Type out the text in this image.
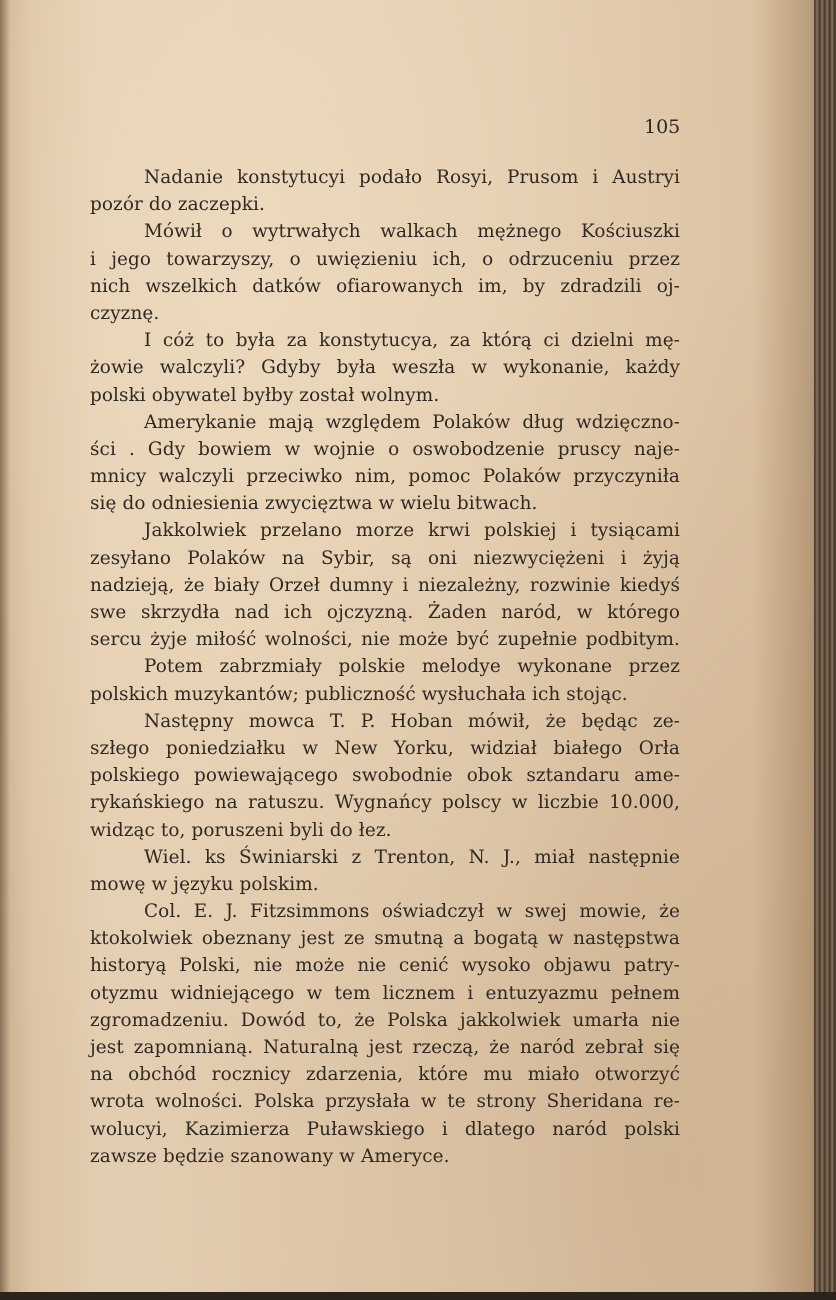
105
Nadanie konstytucyi podało Rosyi, Prusom i Austryi
pozór do zaczepki.
Mówił o wytrwałych walkach mężnego Kościuszki
i jego towarzyszy, o uwięzieniu ich, o odrzuceniu przez
nich wszelkich datków ofiarowanych im, by zdradzili oj-
czyznę.
I cóż to była za konstytucya, za którą ci dzielni mę-
żowie walczyli? Gdyby była weszła w wykonanie, każdy
polski obywatel byłby został wolnym.
Amerykanie mają względem Polaków dług wdzięczno-
ści . Gdy bowiem w wojnie o oswobodzenie pruscy naje-
mnicy walczyli przeciwko nim, pomoc Polaków przyczyniła
się do odniesienia zwycięztwa w wielu bitwach.
Jakkolwiek przelano morze krwi polskiej i tysiącami
zesyłano Polaków na Sybir, są oni niezwyciężeni i żyją
nadzieją, że biały Orzeł dumny i niezależny, rozwinie kiedyś
swe skrzydła nad ich ojczyzną. Żaden naród, w którego
sercu żyje miłość wolności, nie może być zupełnie podbitym.
Potem zabrzmiały polskie melodye wykonane przez
polskich muzykantów; publiczność wysłuchała ich stojąc.
Następny mowca T. P. Hoban mówił, że będąc ze-
szłego poniedziałku w New Yorku, widział białego Orła
polskiego powiewającego swobodnie obok sztandaru ame-
rykańskiego na ratuszu. Wygnańcy polscy w liczbie 10.000,
widząc to, poruszeni byli do łez.
Wiel. ks Świniarski z Trenton, N. J., miał następnie
mowę w języku polskim.
Col. E. J. Fitzsimmons oświadczył w swej mowie, że
ktokolwiek obeznany jest ze smutną a bogatą w następstwa
historyą Polski, nie może nie cenić wysoko objawu patry-
otyzmu widniejącego w tem licznem i entuzyazmu pełnem
zgromadzeniu. Dowód to, że Polska jakkolwiek umarła nie
jest zapomnianą. Naturalną jest rzeczą, że naród zebrał się
na obchód rocznicy zdarzenia, które mu miało otworzyć
wrota wolności. Polska przysłała w te strony Sheridana re-
wolucyi, Kazimierza Puławskiego i dlatego naród polski
zawsze będzie szanowany w Ameryce.
